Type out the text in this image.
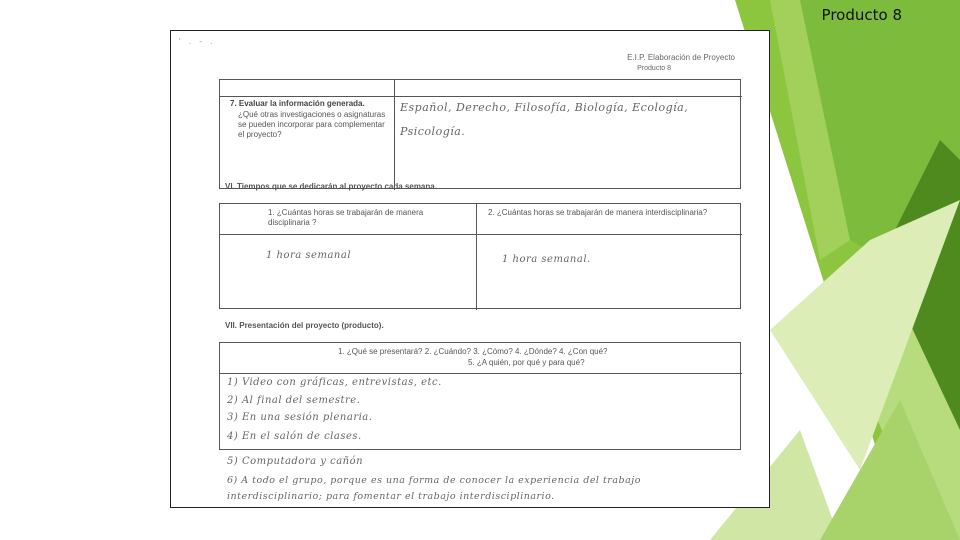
Producto 8
' . - .
E.I.P. Elaboración de Proyecto
Producto 8
7. Evaluar la información generada.
¿Qué otras investigaciones o asignaturas se pueden incorporar para complementar el proyecto?
Español, Derecho, Filosofía, Biología, Ecología,
Psicología.
VI. Tiempos que se dedicarán al proyecto cada semana.
1. ¿Cuántas horas se trabajarán de manera disciplinaria ?
2. ¿Cuántas horas se trabajarán de manera interdisciplinaria?
1 hora semanal	1 hora semanal.
VII. Presentación del proyecto (producto).
1. ¿Qué se presentará? 2. ¿Cuándo? 3. ¿Cómo? 4. ¿Dónde? 4. ¿Con qué?
5. ¿A quién, por qué y para qué?
1) Video con gráficas, entrevistas, etc.
2) Al final del semestre.
3) En una sesión plenaria.
4) En el salón de clases.
5) Computadora y cañón
6) A todo el grupo, porque es una forma de conocer la experiencia del trabajo
interdisciplinario; para fomentar el trabajo interdisciplinario.
